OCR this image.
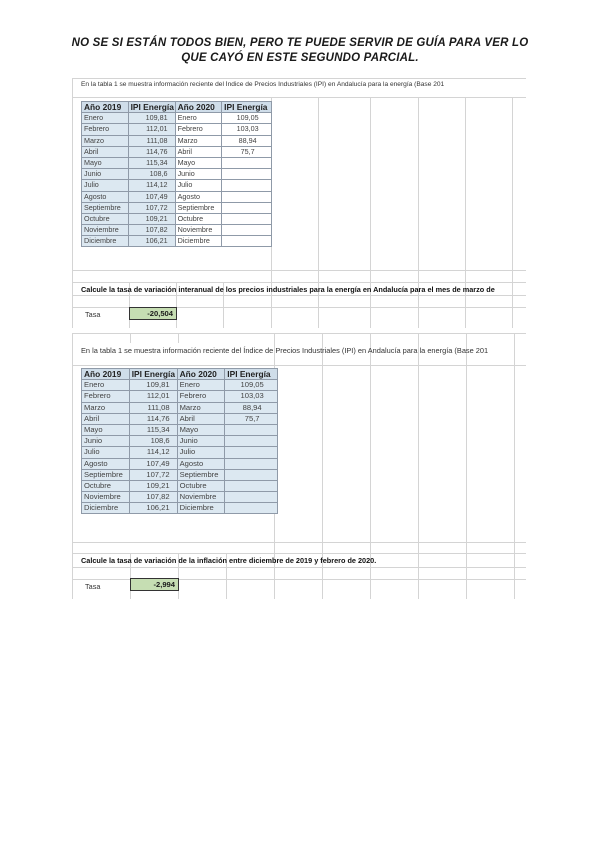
NO SE SI ESTÁN TODOS BIEN, PERO TE PUEDE SERVIR DE GUÍA PARA VER LO
QUE CAYÓ EN ESTE SEGUNDO PARCIAL.
En la tabla 1 se muestra información reciente del Índice de Precios Industriales (IPI) en Andalucía para la energía (Base 201
Año 2019	IPI Energía	Año 2020	IPI Energía
Enero	109,81	Enero	109,05
Febrero	112,01	Febrero	103,03
Marzo	111,08	Marzo	88,94
Abril	114,76	Abril	75,7
Mayo	115,34	Mayo	
Junio	108,6	Junio	
Julio	114,12	Julio	
Agosto	107,49	Agosto	
Septiembre	107,72	Septiembre	
Octubre	109,21	Octubre	
Noviembre	107,82	Noviembre	
Diciembre	106,21	Diciembre	
Calcule la tasa de variación interanual de los precios industriales para la energía en Andalucía para el mes de marzo de
Tasa	-20,504
En la tabla 1 se muestra información reciente del Índice de Precios Industriales (IPI) en Andalucía para la energía (Base 201
Año 2019	IPI Energía	Año 2020	IPI Energía
Enero	109,81	Enero	109,05
Febrero	112,01	Febrero	103,03
Marzo	111,08	Marzo	88,94
Abril	114,76	Abril	75,7
Mayo	115,34	Mayo	
Junio	108,6	Junio	
Julio	114,12	Julio	
Agosto	107,49	Agosto	
Septiembre	107,72	Septiembre	
Octubre	109,21	Octubre	
Noviembre	107,82	Noviembre	
Diciembre	106,21	Diciembre	
Calcule la tasa de variación de la inflación entre diciembre de 2019 y febrero de 2020.
Tasa	-2,994
